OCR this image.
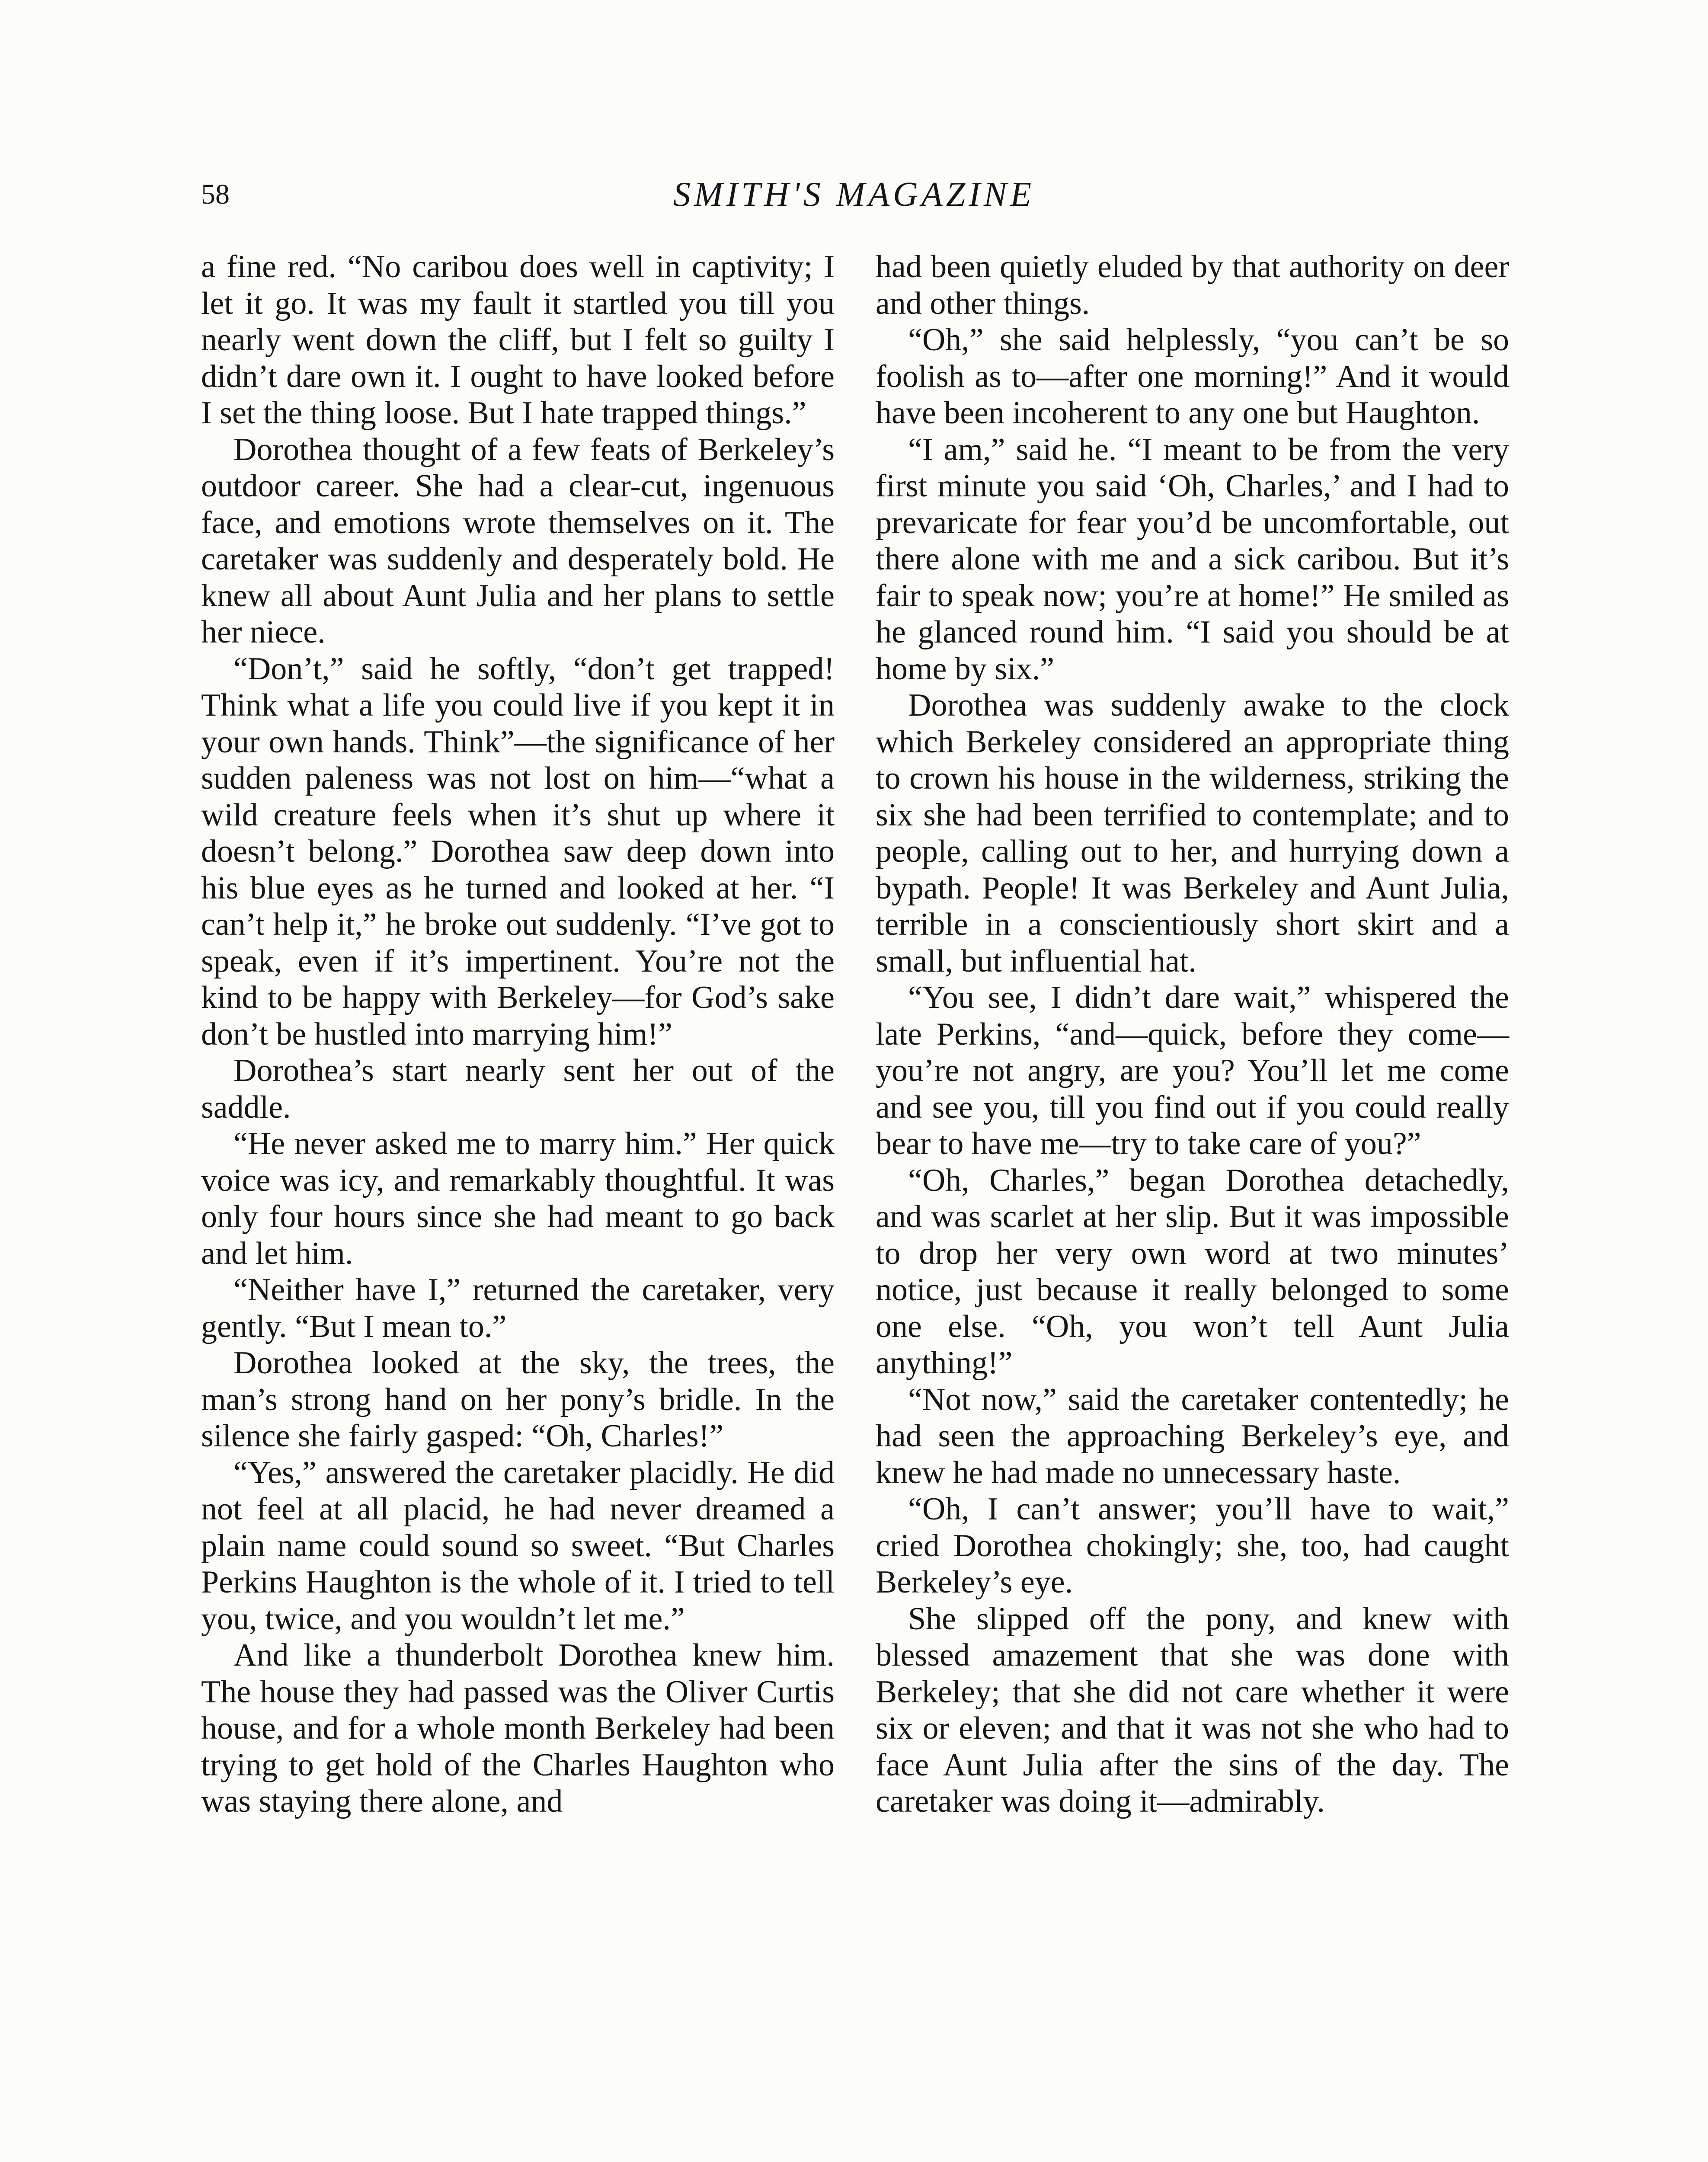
58	SMITH'S MAGAZINE

a fine red. “No caribou does well in captivity; I let it go. It was my fault it startled you till you nearly went down the cliff, but I felt so guilty I didn’t dare own it. I ought to have looked before I set the thing loose. But I hate trapped things.”

Dorothea thought of a few feats of Berkeley’s outdoor career. She had a clear-cut, ingenuous face, and emotions wrote themselves on it. The caretaker was suddenly and desperately bold. He knew all about Aunt Julia and her plans to settle her niece.

“Don’t,” said he softly, “don’t get trapped! Think what a life you could live if you kept it in your own hands. Think”—the significance of her sudden paleness was not lost on him—“what a wild creature feels when it’s shut up where it doesn’t belong.” Dorothea saw deep down into his blue eyes as he turned and looked at her. “I can’t help it,” he broke out suddenly. “I’ve got to speak, even if it’s impertinent. You’re not the kind to be happy with Berkeley—for God’s sake don’t be hustled into marrying him!”

Dorothea’s start nearly sent her out of the saddle.

“He never asked me to marry him.” Her quick voice was icy, and remarkably thoughtful. It was only four hours since she had meant to go back and let him.

“Neither have I,” returned the caretaker, very gently. “But I mean to.”

Dorothea looked at the sky, the trees, the man’s strong hand on her pony’s bridle. In the silence she fairly gasped: “Oh, Charles!”

“Yes,” answered the caretaker placidly. He did not feel at all placid, he had never dreamed a plain name could sound so sweet. “But Charles Perkins Haughton is the whole of it. I tried to tell you, twice, and you wouldn’t let me.”

And like a thunderbolt Dorothea knew him. The house they had passed was the Oliver Curtis house, and for a whole month Berkeley had been trying to get hold of the Charles Haughton who was staying there alone, and

had been quietly eluded by that authority on deer and other things.

“Oh,” she said helplessly, “you can’t be so foolish as to—after one morning!” And it would have been incoherent to any one but Haughton.

“I am,” said he. “I meant to be from the very first minute you said ‘Oh, Charles,’ and I had to prevaricate for fear you’d be uncomfortable, out there alone with me and a sick caribou. But it’s fair to speak now; you’re at home!” He smiled as he glanced round him. “I said you should be at home by six.”

Dorothea was suddenly awake to the clock which Berkeley considered an appropriate thing to crown his house in the wilderness, striking the six she had been terrified to contemplate; and to people, calling out to her, and hurrying down a bypath. People! It was Berkeley and Aunt Julia, terrible in a conscientiously short skirt and a small, but influential hat.

“You see, I didn’t dare wait,” whispered the late Perkins, “and—quick, before they come—you’re not angry, are you? You’ll let me come and see you, till you find out if you could really bear to have me—try to take care of you?”

“Oh, Charles,” began Dorothea detachedly, and was scarlet at her slip. But it was impossible to drop her very own word at two minutes’ notice, just because it really belonged to some one else. “Oh, you won’t tell Aunt Julia anything!”

“Not now,” said the caretaker contentedly; he had seen the approaching Berkeley’s eye, and knew he had made no unnecessary haste.

“Oh, I can’t answer; you’ll have to wait,” cried Dorothea chokingly; she, too, had caught Berkeley’s eye.

She slipped off the pony, and knew with blessed amazement that she was done with Berkeley; that she did not care whether it were six or eleven; and that it was not she who had to face Aunt Julia after the sins of the day. The caretaker was doing it—admirably.
